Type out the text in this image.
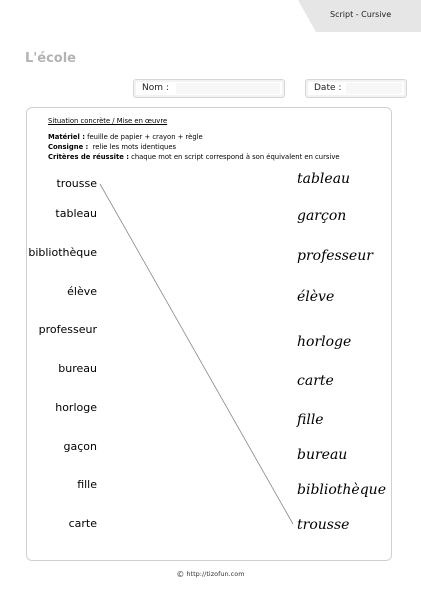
Script - Cursive
L'école
Nom :	Date :
Situation concrète / Mise en œuvre
Matériel : feuille de papier + crayon + règle
Consigne : relie les mots identiques
Critères de réussite : chaque mot en script correspond à son équivalent en cursive
trousse
tableau
bibliothèque
élève
professeur
bureau
horloge
gaçon
fille
carte
tableau
garçon
professeur
élève
horloge
carte
fille
bureau
bibliothèque
trousse
© http://tizofun.com
